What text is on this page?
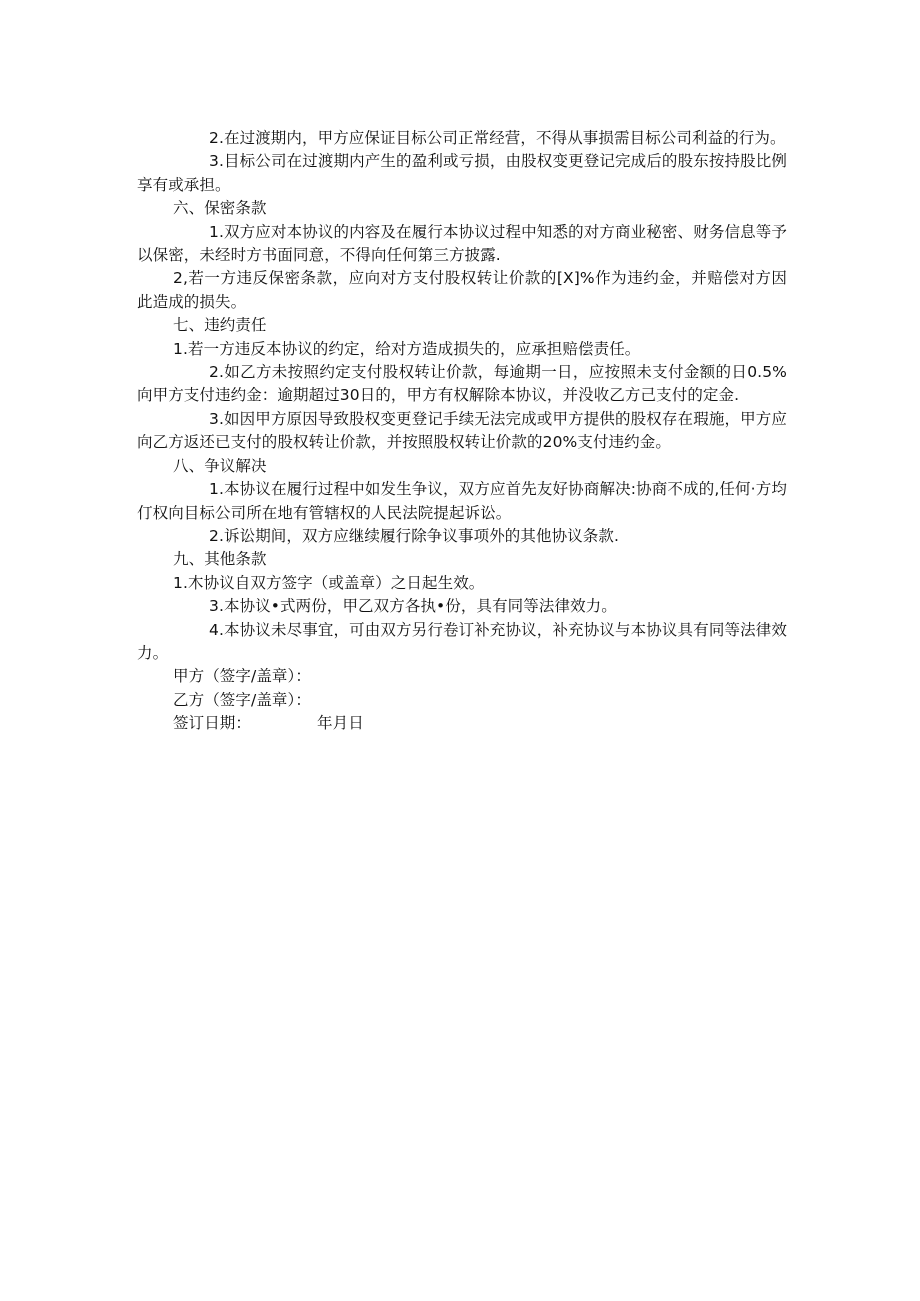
2.在过渡期内，甲方应保证目标公司正常经营，不得从事损需目标公司利益的行为。

3.目标公司在过渡期内产生的盈利或亏损，由股权变更登记完成后的股东按持股比例享有或承担。

六、保密条款

1.双方应对本协议的内容及在履行本协议过程中知悉的对方商业秘密、财务信息等予以保密，未经时方书面同意，不得向任何第三方披露.

2,若一方违反保密条款，应向对方支付股权转让价款的[X]%作为违约金，并赔偿对方因此造成的损失。

七、违约责任

1.若一方违反本协议的约定，给对方造成损失的，应承担赔偿责任。

2.如乙方未按照约定支付股权转让价款，每逾期一日，应按照未支付金额的日0.5%向甲方支付违约金：逾期超过30日的，甲方有权解除本协议，并没收乙方己支付的定金.

3.如因甲方原因导致股权变更登记手续无法完成或甲方提供的股权存在瑕施，甲方应向乙方返还已支付的股权转让价款，并按照股权转让价款的20%支付违约金。

八、争议解决

1.本协议在履行过程中如发生争议，双方应首先友好协商解决:协商不成的,任何·方均仃权向目标公司所在地有管辖权的人民法院提起诉讼。

2.诉讼期间，双方应继续履行除争议事项外的其他协议条款.

九、其他条款

1.木协议自双方签字（或盖章）之日起生效。

3.本协议•式两份，甲乙双方各执•份，具有同等法律效力。

4.本协议未尽事宜，可由双方另行卷订补充协议，补充协议与本协议具有同等法律效力。

甲方（签字/盖章）：

乙方（签字/盖章）：

签订日期：	年月日
